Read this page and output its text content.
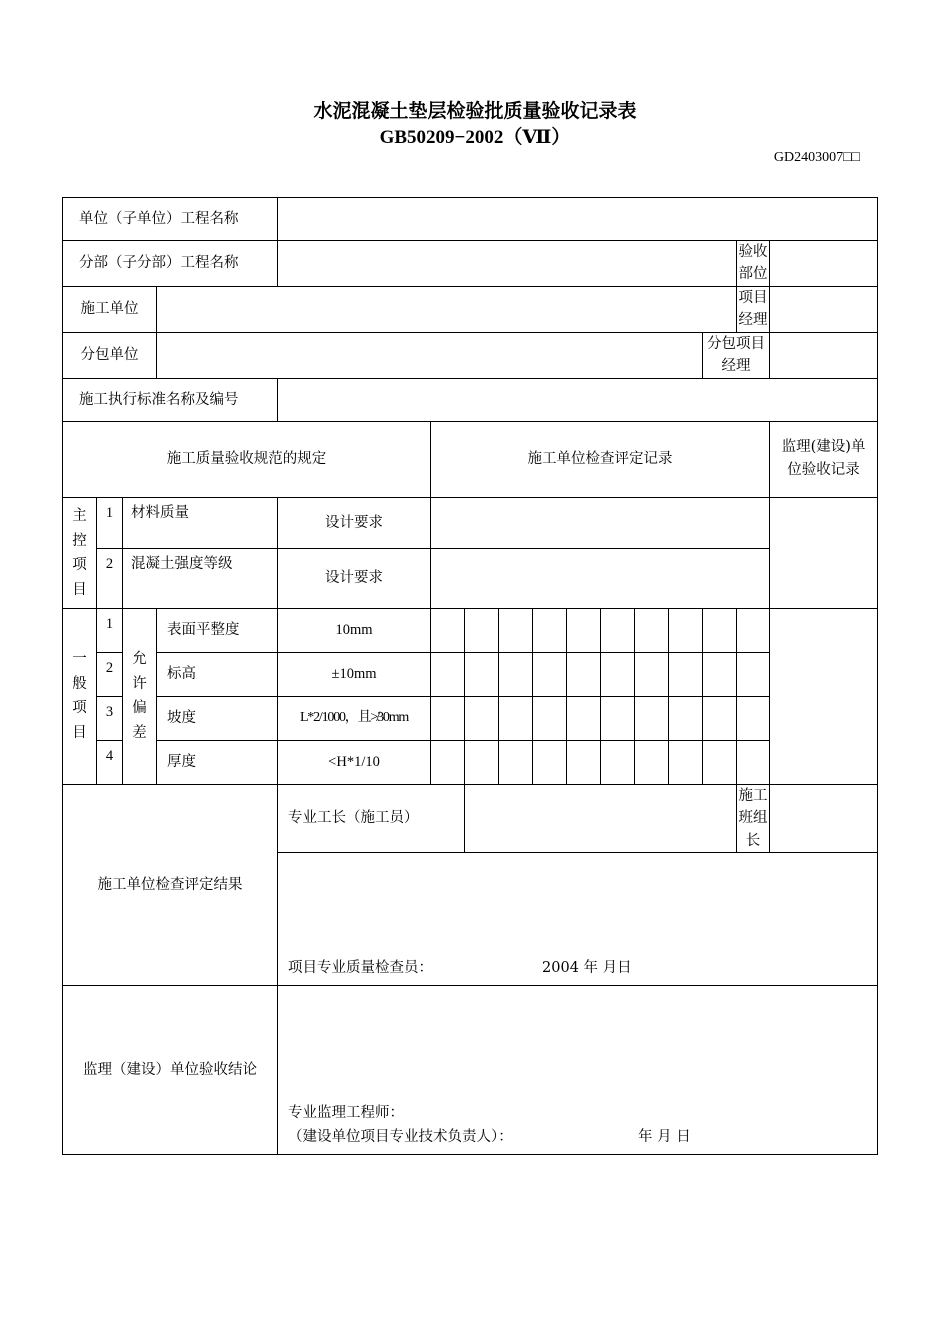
水泥混凝土垫层检验批质量验收记录表
GB50209−2002（Ⅶ）
GD2403007□□
单位（子单位）工程名称															
分部（子分部）工程名称														验收部位	
施工单位														项目经理	
分包单位													分包项目经理		
施工执行标准名称及编号															
施工质量验收规范的规定					施工单位检查评定记录										监理(建设)单位验收记录
主控项目	1	材料质量		设计要求											
	2	混凝土强度等级		设计要求											
一般项目	1	允许偏差	表面平整度	10mm											
	2		标高	±10mm											
	3		坡度	L*2/1000，且≯30mm											
	4		厚度	<H*1/10											
施工单位检查评定结果				专业工长（施工员）										施工班组长	

				项目专业质量检查员： 2004 年 月日											

监理（建设）单位验收结论				专业监理工程师：
（建设单位项目专业技术负责人）： 年 月 日											
